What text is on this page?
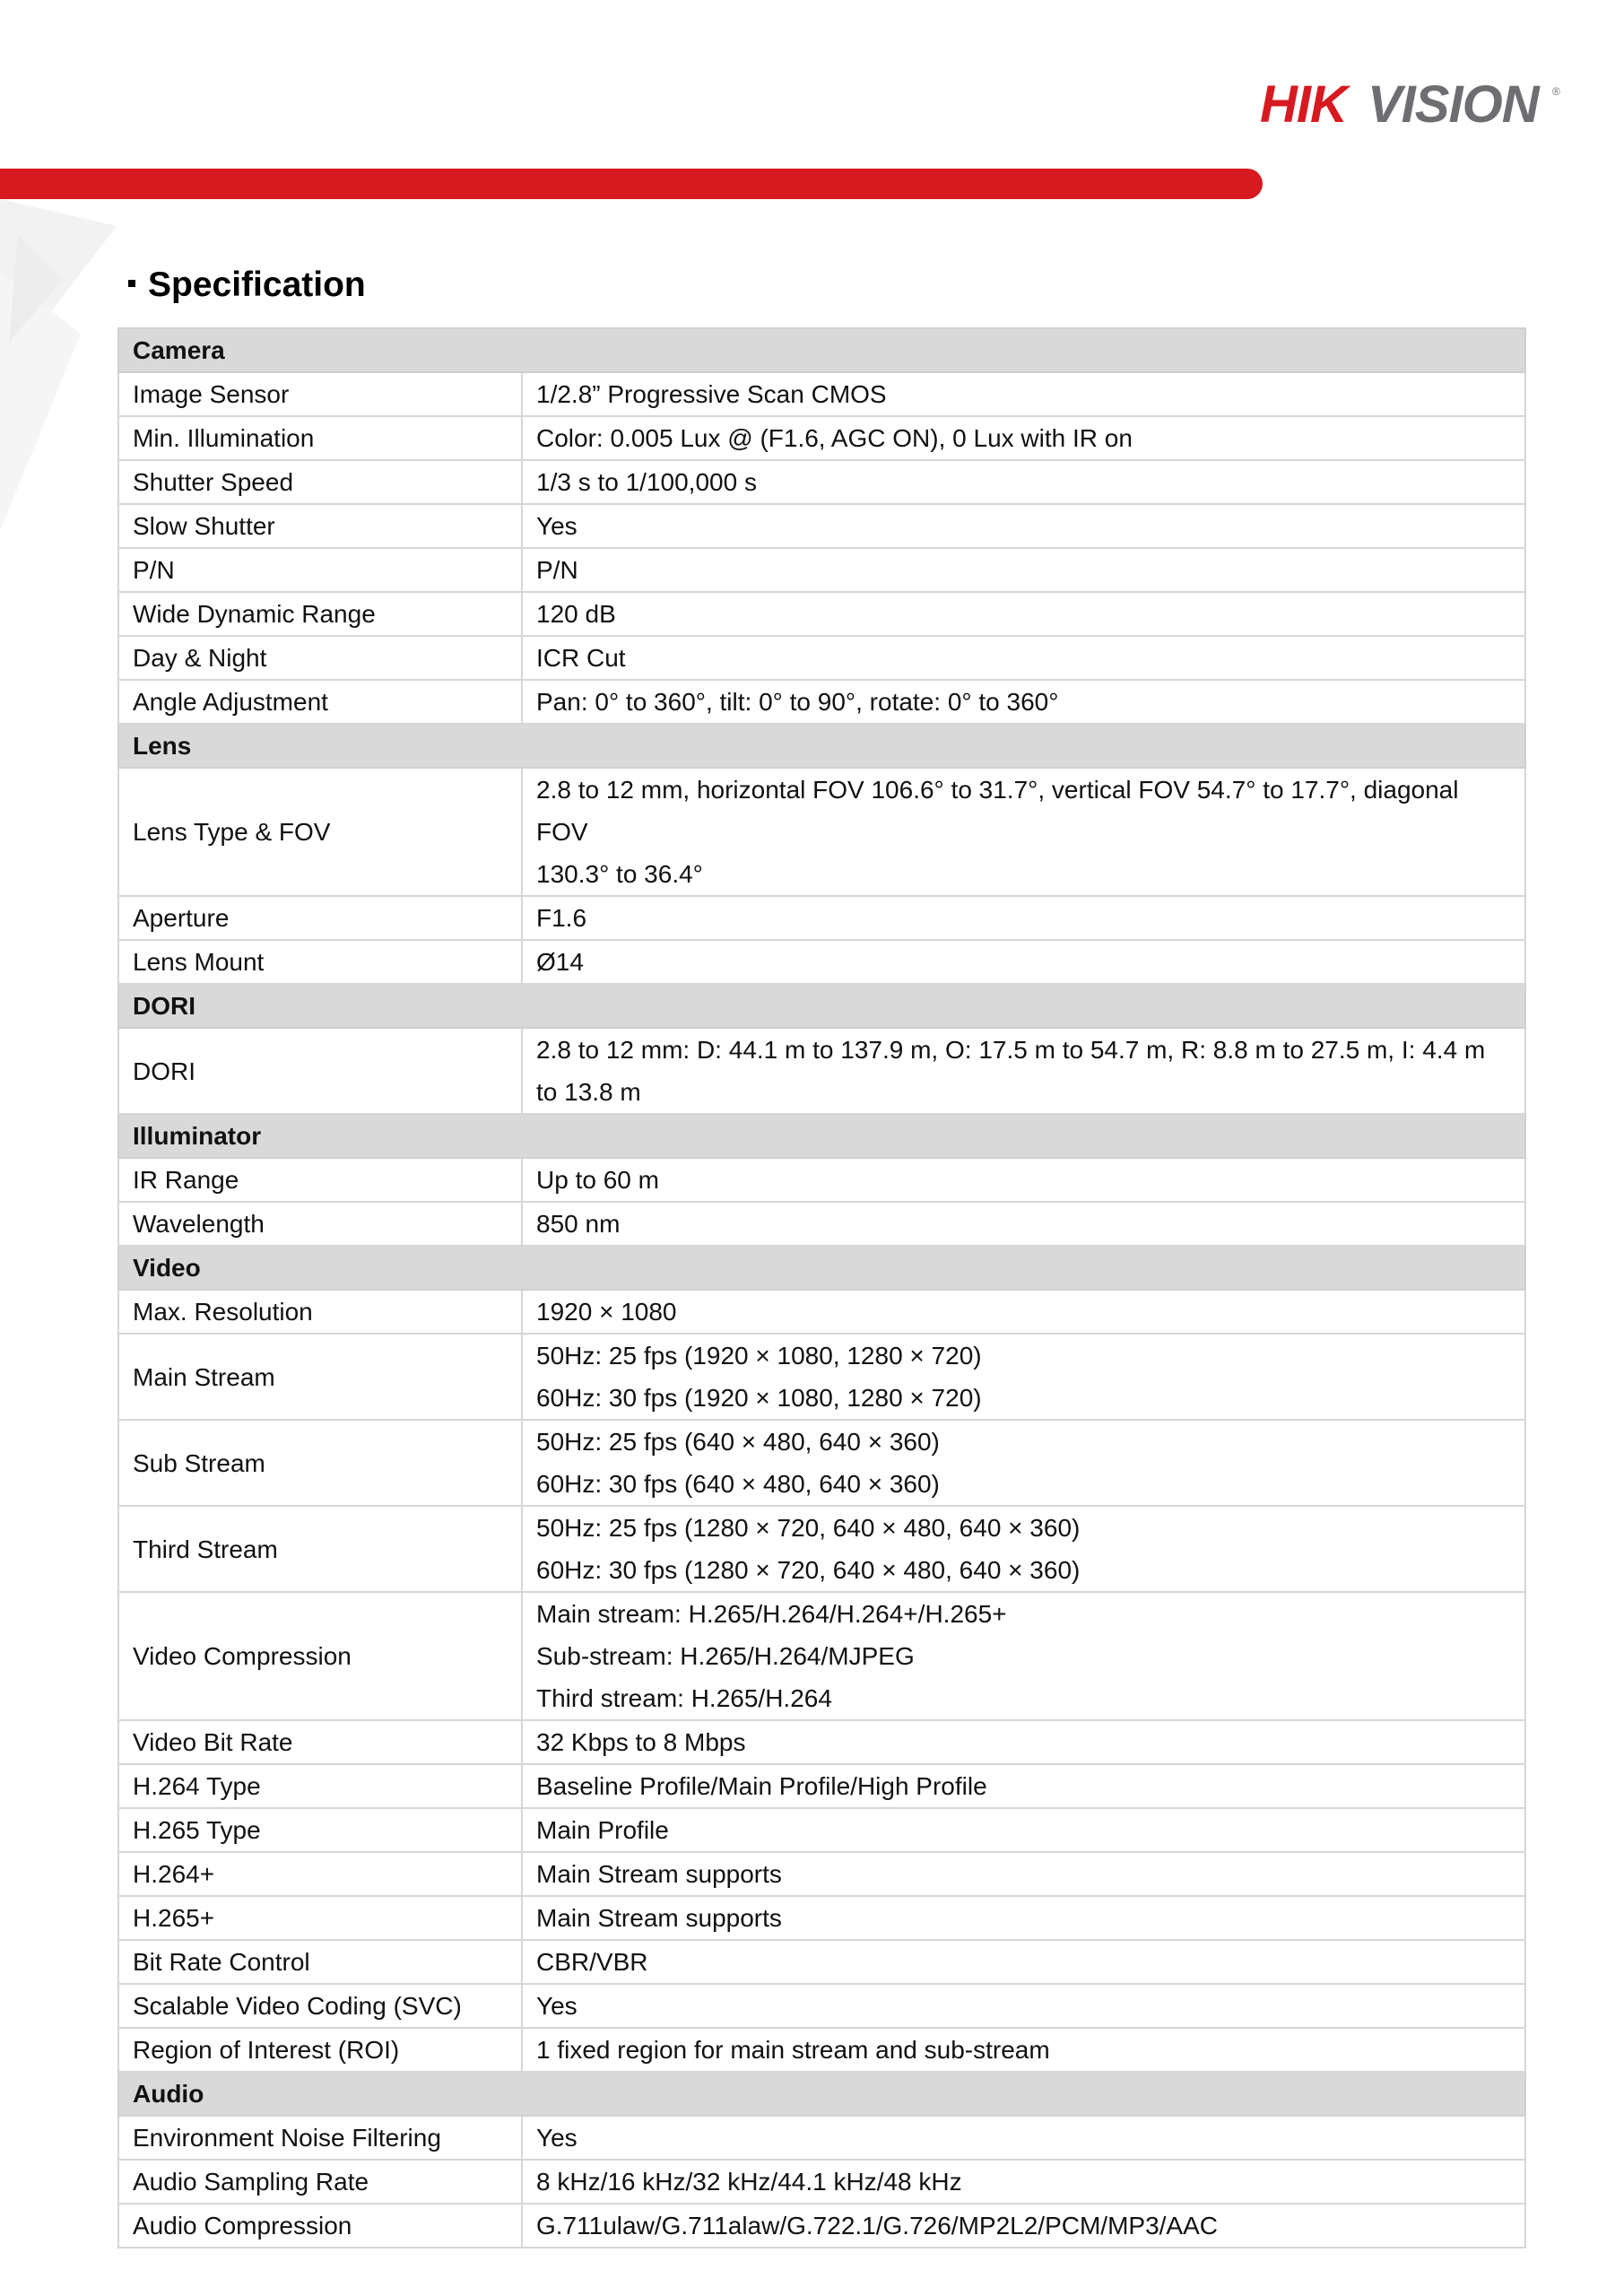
HIK VISION ®
Specification
Camera	
Image Sensor	1/2.8” Progressive Scan CMOS

Min. Illumination	Color: 0.005 Lux @ (F1.6, AGC ON), 0 Lux with IR on

Shutter Speed	1/3 s to 1/100,000 s

Slow Shutter	Yes

P/N	P/N

Wide Dynamic Range	120 dB

Day & Night	ICR Cut

Angle Adjustment	Pan: 0° to 360°, tilt: 0° to 90°, rotate: 0° to 360°

Lens	
Lens Type & FOV	2.8 to 12 mm, horizontal FOV 106.6° to 31.7°, vertical FOV 54.7° to 17.7°, diagonal FOV
130.3° to 36.4°

Aperture	F1.6

Lens Mount	Ø14

DORI	
DORI	2.8 to 12 mm: D: 44.1 m to 137.9 m, O: 17.5 m to 54.7 m, R: 8.8 m to 27.5 m, I: 4.4 m
to 13.8 m

Illuminator	
IR Range	Up to 60 m

Wavelength	850 nm

Video	
Max. Resolution	1920 × 1080

Main Stream	50Hz: 25 fps (1920 × 1080, 1280 × 720)
60Hz: 30 fps (1920 × 1080, 1280 × 720)

Sub Stream	50Hz: 25 fps (640 × 480, 640 × 360)
60Hz: 30 fps (640 × 480, 640 × 360)

Third Stream	50Hz: 25 fps (1280 × 720, 640 × 480, 640 × 360)
60Hz: 30 fps (1280 × 720, 640 × 480, 640 × 360)

Video Compression	Main stream: H.265/H.264/H.264+/H.265+
Sub-stream: H.265/H.264/MJPEG
Third stream: H.265/H.264

Video Bit Rate	32 Kbps to 8 Mbps

H.264 Type	Baseline Profile/Main Profile/High Profile

H.265 Type	Main Profile

H.264+	Main Stream supports

H.265+	Main Stream supports

Bit Rate Control	CBR/VBR

Scalable Video Coding (SVC)	Yes

Region of Interest (ROI)	1 fixed region for main stream and sub-stream

Audio	
Environment Noise Filtering	Yes

Audio Sampling Rate	8 kHz/16 kHz/32 kHz/44.1 kHz/48 kHz

Audio Compression	G.711ulaw/G.711alaw/G.722.1/G.726/MP2L2/PCM/MP3/AAC
